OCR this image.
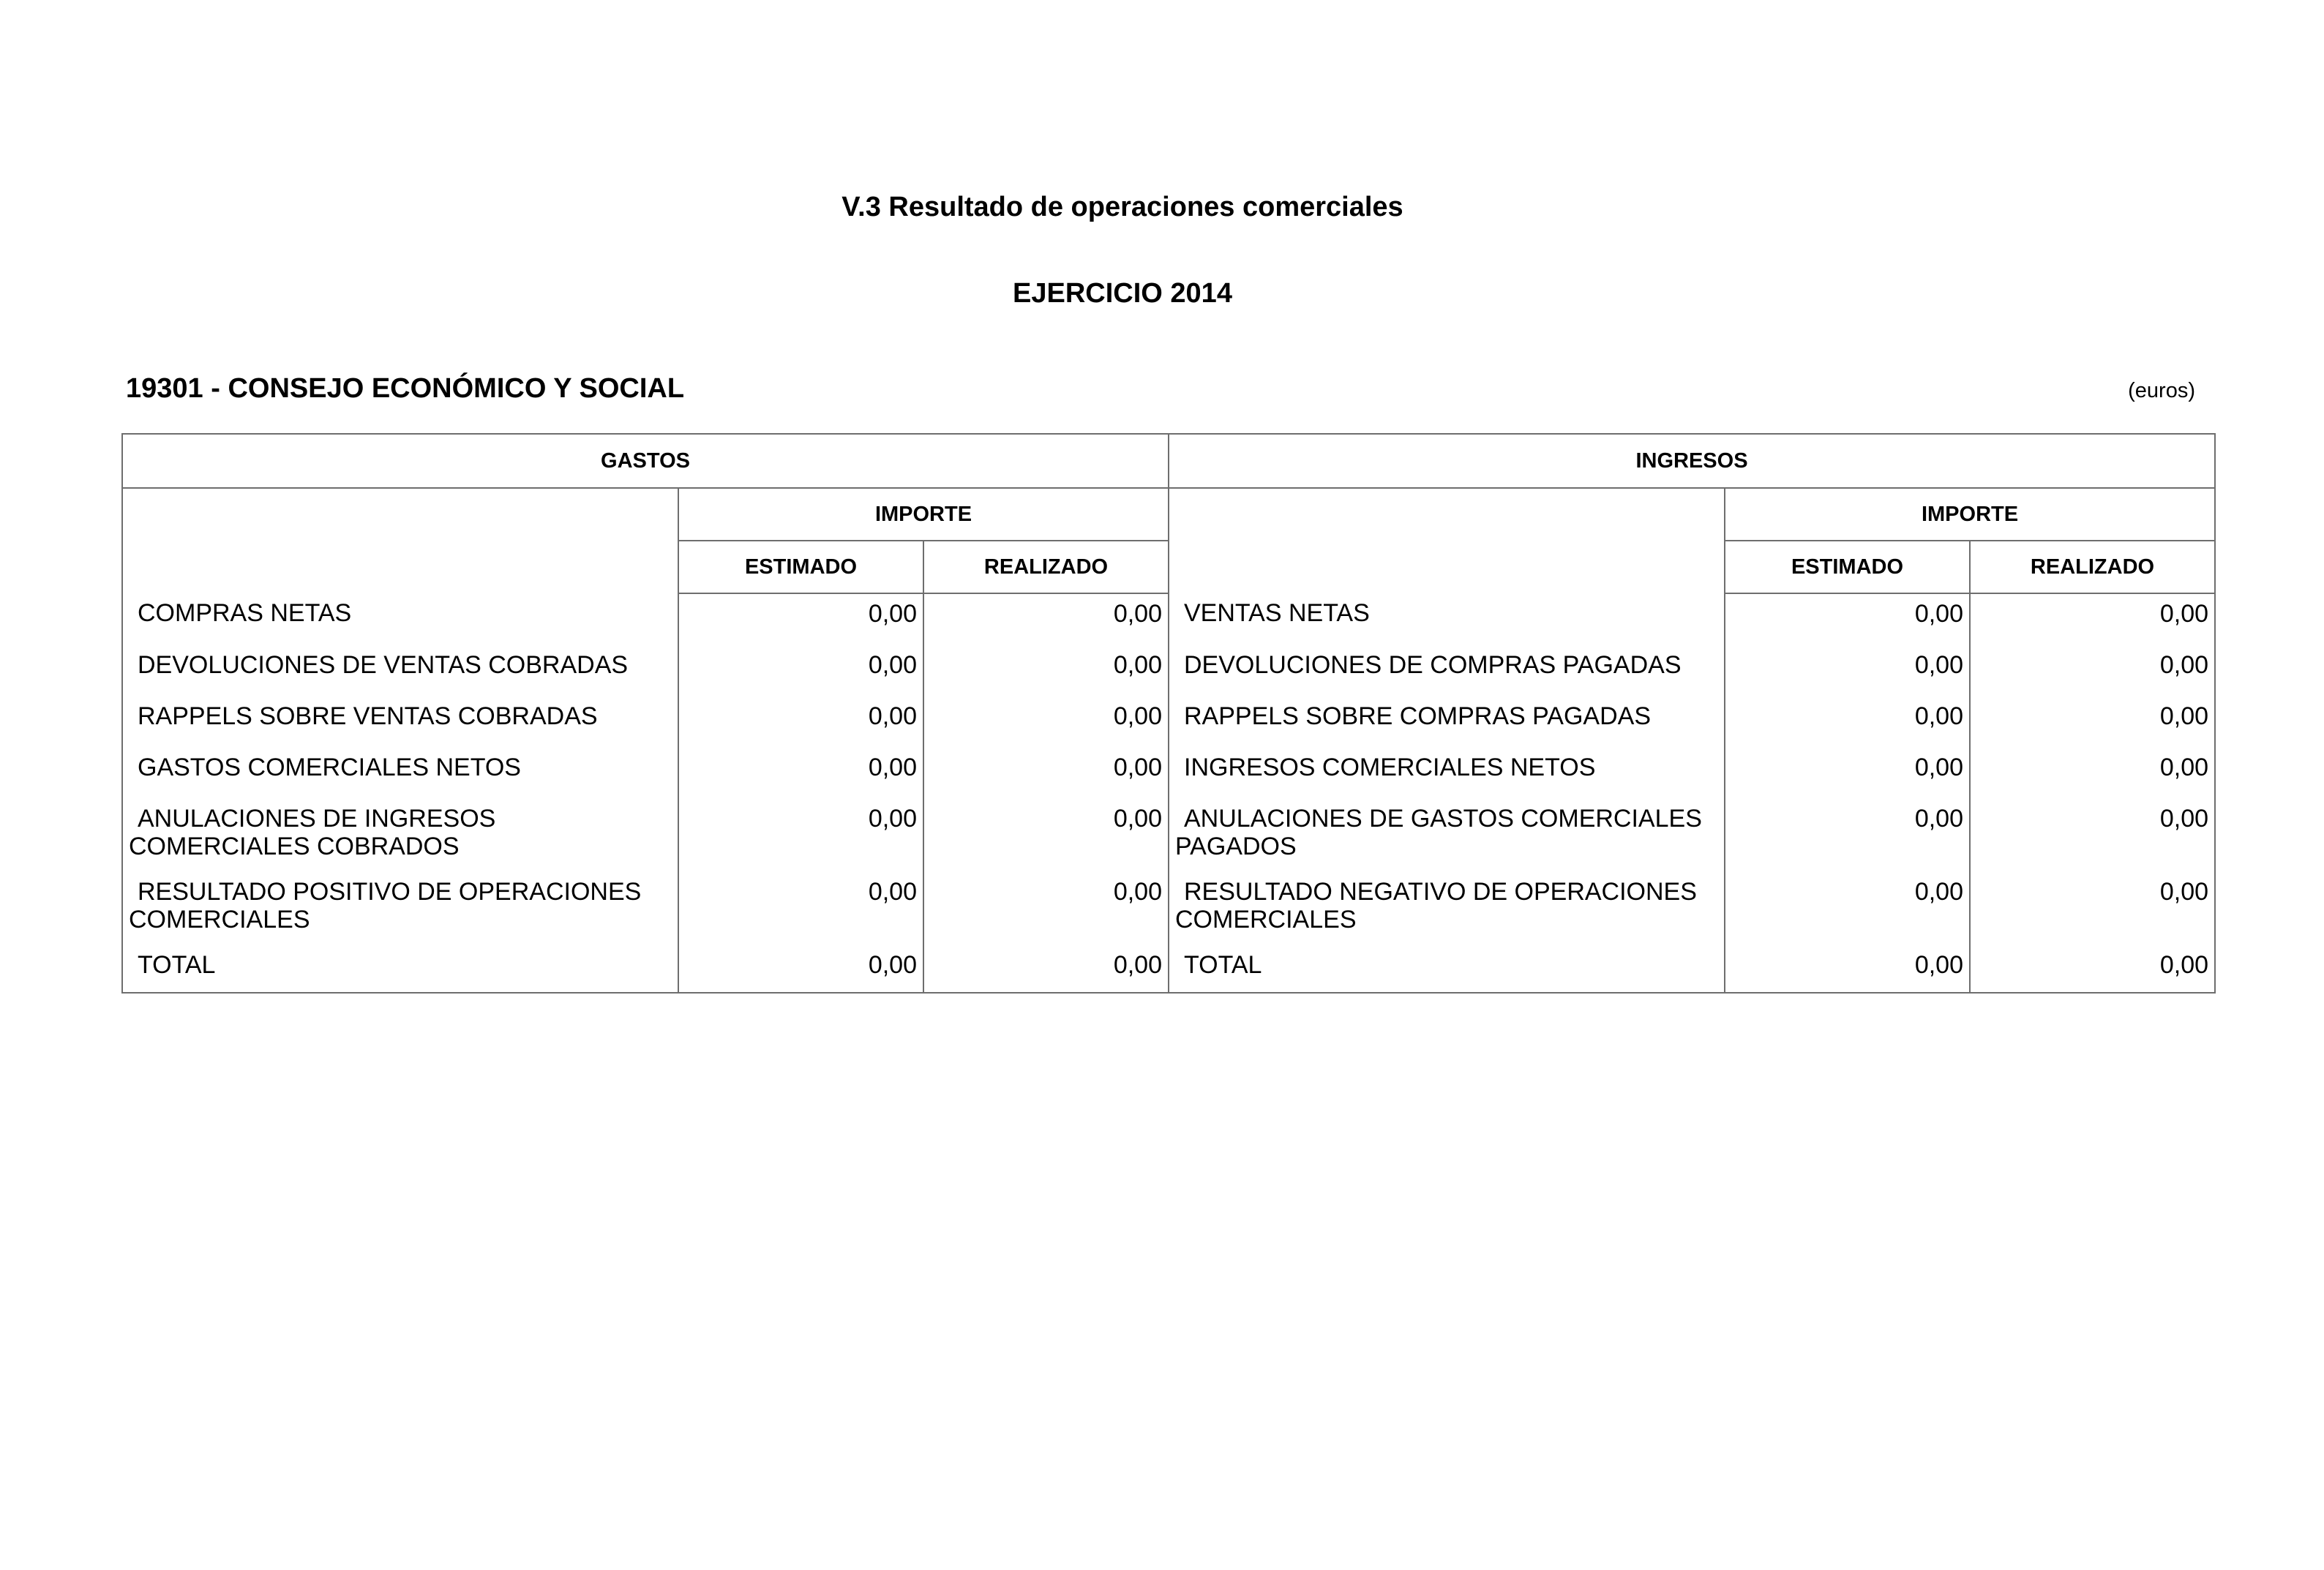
V.3 Resultado de operaciones comerciales
EJERCICIO 2014
19301 - CONSEJO ECONÓMICO Y SOCIAL	(euros)
GASTOS			INGRESOS		
	IMPORTE			IMPORTE	
	ESTIMADO	REALIZADO		ESTIMADO	REALIZADO
COMPRAS NETAS	0,00	0,00	VENTAS NETAS	0,00	0,00
DEVOLUCIONES DE VENTAS COBRADAS	0,00	0,00	DEVOLUCIONES DE COMPRAS PAGADAS	0,00	0,00
RAPPELS SOBRE VENTAS COBRADAS	0,00	0,00	RAPPELS SOBRE COMPRAS PAGADAS	0,00	0,00
GASTOS COMERCIALES NETOS	0,00	0,00	INGRESOS COMERCIALES NETOS	0,00	0,00
ANULACIONES DE INGRESOS COMERCIALES COBRADOS	0,00	0,00	ANULACIONES DE GASTOS COMERCIALES PAGADOS	0,00	0,00
RESULTADO POSITIVO DE OPERACIONES COMERCIALES	0,00	0,00	RESULTADO NEGATIVO DE OPERACIONES COMERCIALES	0,00	0,00
TOTAL	0,00	0,00	TOTAL	0,00	0,00
